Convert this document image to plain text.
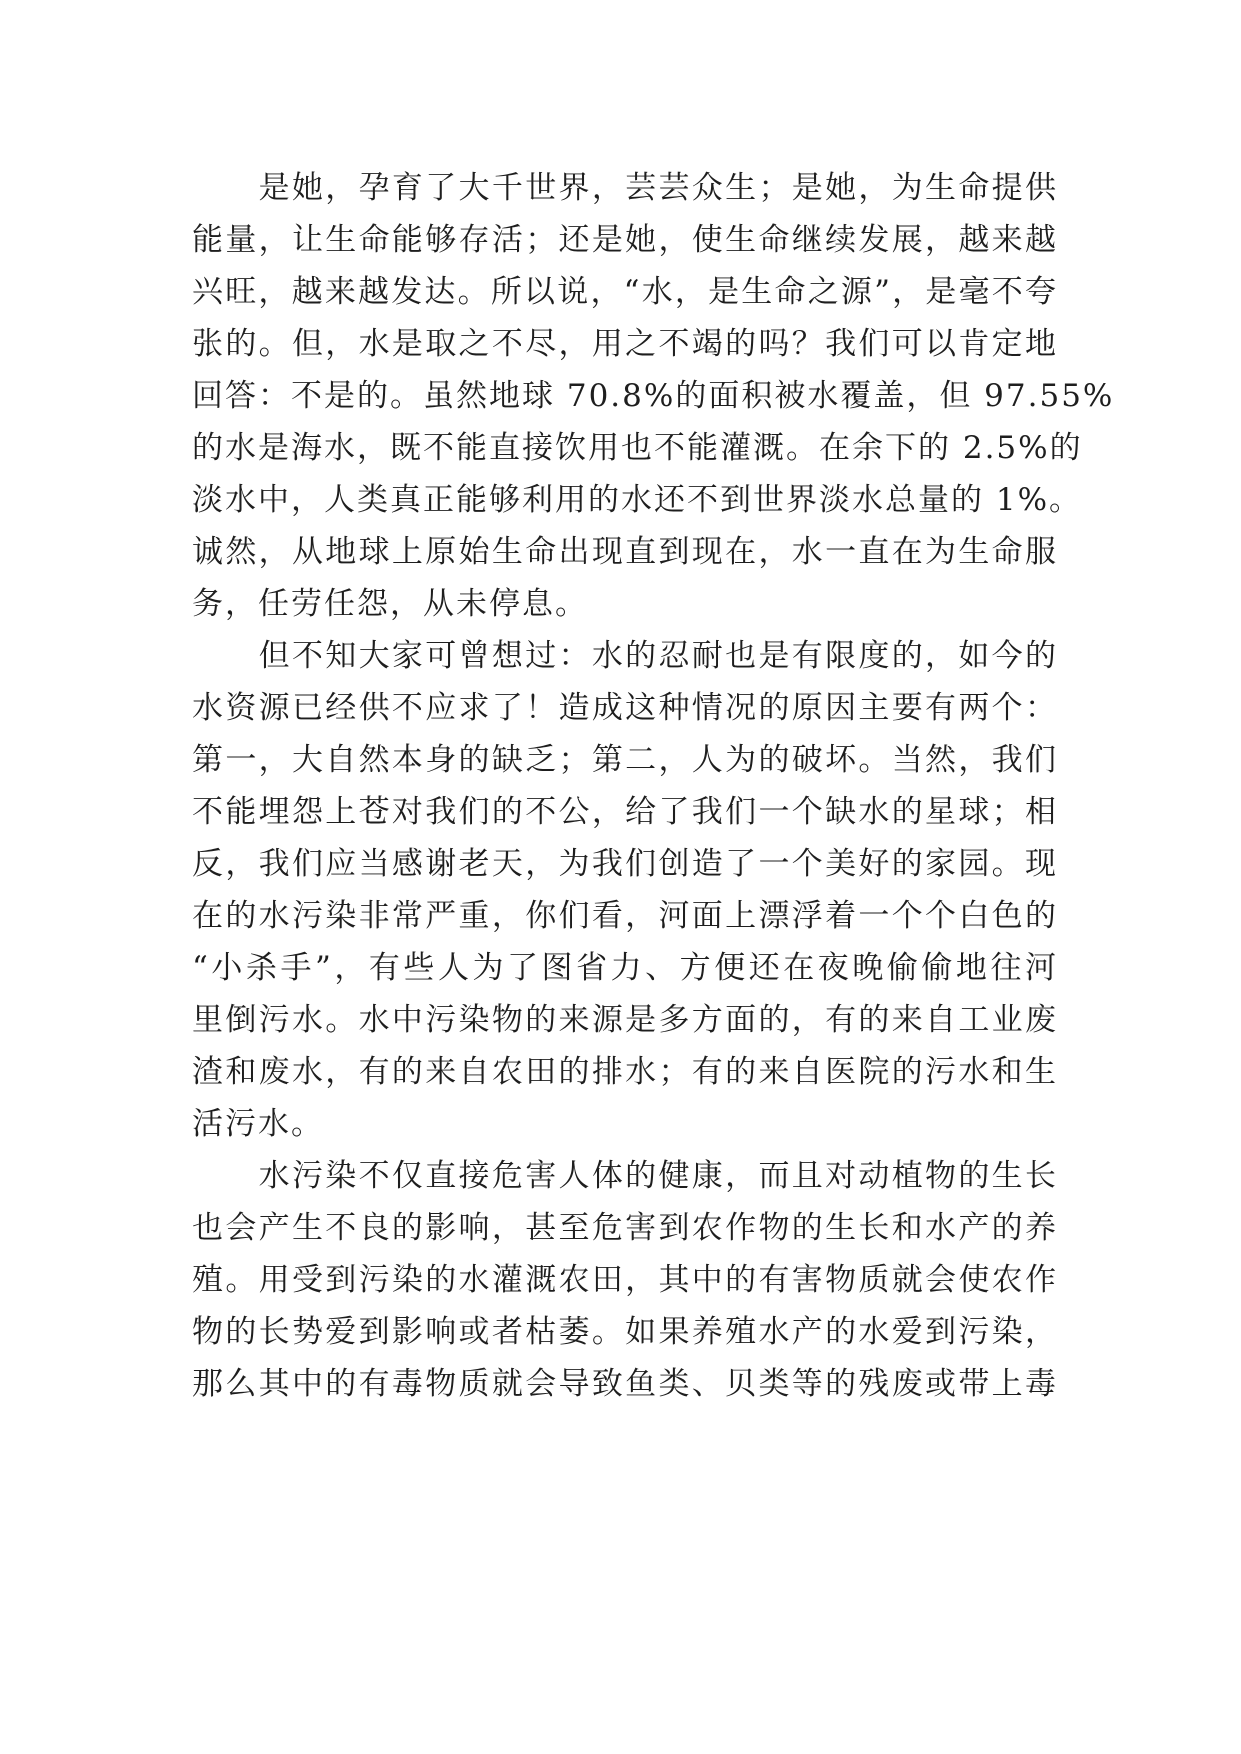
　　是她，孕育了大千世界，芸芸众生；是她，为生命提供
能量，让生命能够存活；还是她，使生命继续发展，越来越
兴旺，越来越发达。所以说，“水，是生命之源”，是毫不夸
张的。但，水是取之不尽，用之不竭的吗？我们可以肯定地
回答：不是的。虽然地球 70.8%的面积被水覆盖，但 97.55%
的水是海水，既不能直接饮用也不能灌溉。在余下的 2.5%的
淡水中，人类真正能够利用的水还不到世界淡水总量的 1%。
诚然，从地球上原始生命出现直到现在，水一直在为生命服
务，任劳任怨，从未停息。
　　但不知大家可曾想过：水的忍耐也是有限度的，如今的
水资源已经供不应求了！造成这种情况的原因主要有两个：
第一，大自然本身的缺乏；第二，人为的破坏。当然，我们
不能埋怨上苍对我们的不公，给了我们一个缺水的星球；相
反，我们应当感谢老天，为我们创造了一个美好的家园。现
在的水污染非常严重，你们看，河面上漂浮着一个个白色的
“小杀手”，有些人为了图省力、方便还在夜晚偷偷地往河
里倒污水。水中污染物的来源是多方面的，有的来自工业废
渣和废水，有的来自农田的排水；有的来自医院的污水和生
活污水。
　　水污染不仅直接危害人体的健康，而且对动植物的生长
也会产生不良的影响，甚至危害到农作物的生长和水产的养
殖。用受到污染的水灌溉农田，其中的有害物质就会使农作
物的长势爱到影响或者枯萎。如果养殖水产的水爱到污染，
那么其中的有毒物质就会导致鱼类、贝类等的残废或带上毒
